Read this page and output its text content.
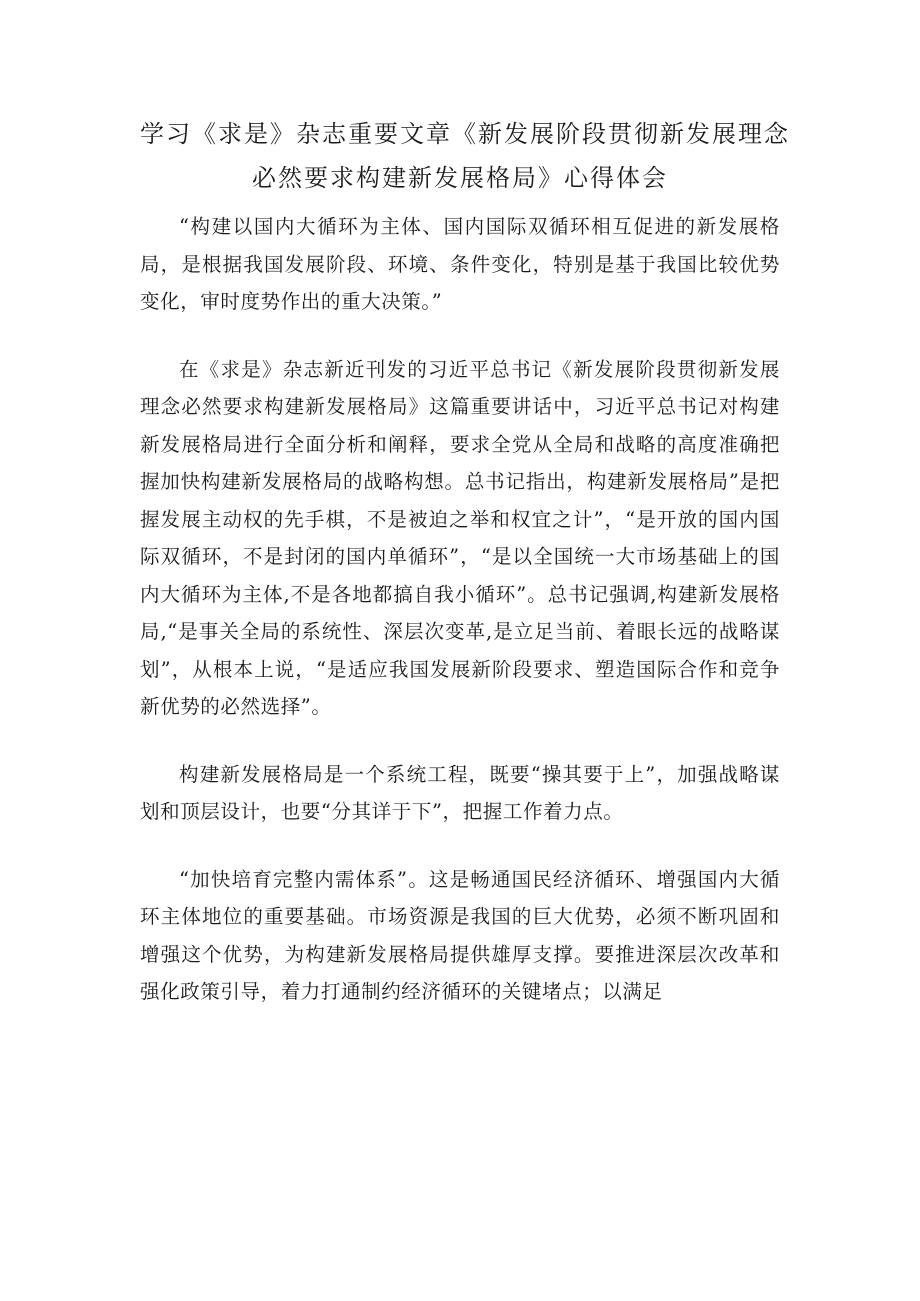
学习《求是》杂志重要文章《新发展阶段贯彻新发展理念
必然要求构建新发展格局》心得体会

“构建以国内大循环为主体、国内国际双循环相互促进的新发展格局，是根据我国发展阶段、环境、条件变化，特别是基于我国比较优势变化，审时度势作出的重大决策。”

在《求是》杂志新近刊发的习近平总书记《新发展阶段贯彻新发展理念必然要求构建新发展格局》这篇重要讲话中，习近平总书记对构建新发展格局进行全面分析和阐释，要求全党从全局和战略的高度准确把握加快构建新发展格局的战略构想。总书记指出，构建新发展格局”是把握发展主动权的先手棋，不是被迫之举和权宜之计”，“是开放的国内国际双循环，不是封闭的国内单循环”，“是以全国统一大市场基础上的国内大循环为主体,不是各地都搞自我小循环”。总书记强调,构建新发展格局,“是事关全局的系统性、深层次变革,是立足当前、着眼长远的战略谋划”，从根本上说，“是适应我国发展新阶段要求、塑造国际合作和竞争新优势的必然选择”。

构建新发展格局是一个系统工程，既要“操其要于上”，加强战略谋划和顶层设计，也要“分其详于下”，把握工作着力点。

“加快培育完整内需体系”。这是畅通国民经济循环、增强国内大循环主体地位的重要基础。市场资源是我国的巨大优势，必须不断巩固和增强这个优势，为构建新发展格局提供雄厚支撑。要推进深层次改革和强化政策引导，着力打通制约经济循环的关键堵点；以满足
